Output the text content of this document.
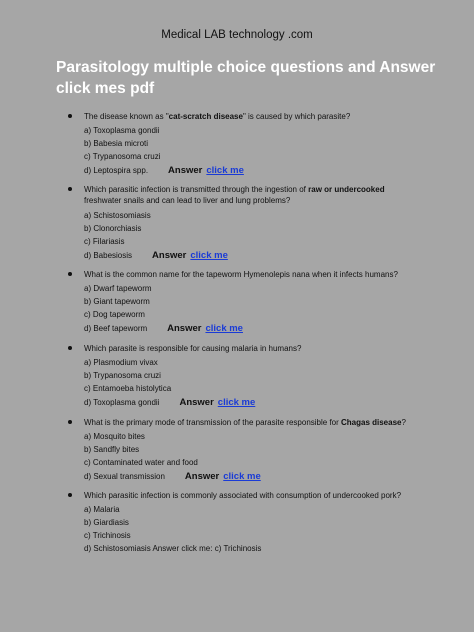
Medical LAB technology .com
Parasitology multiple choice questions and Answer click mes pdf
The disease known as "cat-scratch disease" is caused by which parasite?
a) Toxoplasma gondii
b) Babesia microti
c) Trypanosoma cruzi
d) Leptospira spp. Answer click me
Which parasitic infection is transmitted through the ingestion of raw or undercooked freshwater snails and can lead to liver and lung problems?
a) Schistosomiasis
b) Clonorchiasis
c) Filariasis
d) Babesiosis Answer click me
What is the common name for the tapeworm Hymenolepis nana when it infects humans?
a) Dwarf tapeworm
b) Giant tapeworm
c) Dog tapeworm
d) Beef tapeworm Answer click me
Which parasite is responsible for causing malaria in humans?
a) Plasmodium vivax
b) Trypanosoma cruzi
c) Entamoeba histolytica
d) Toxoplasma gondii Answer click me
What is the primary mode of transmission of the parasite responsible for Chagas disease?
a) Mosquito bites
b) Sandfly bites
c) Contaminated water and food
d) Sexual transmission Answer click me
Which parasitic infection is commonly associated with consumption of undercooked pork?
a) Malaria
b) Giardiasis
c) Trichinosis
d) Schistosomiasis Answer click me: c) Trichinosis
